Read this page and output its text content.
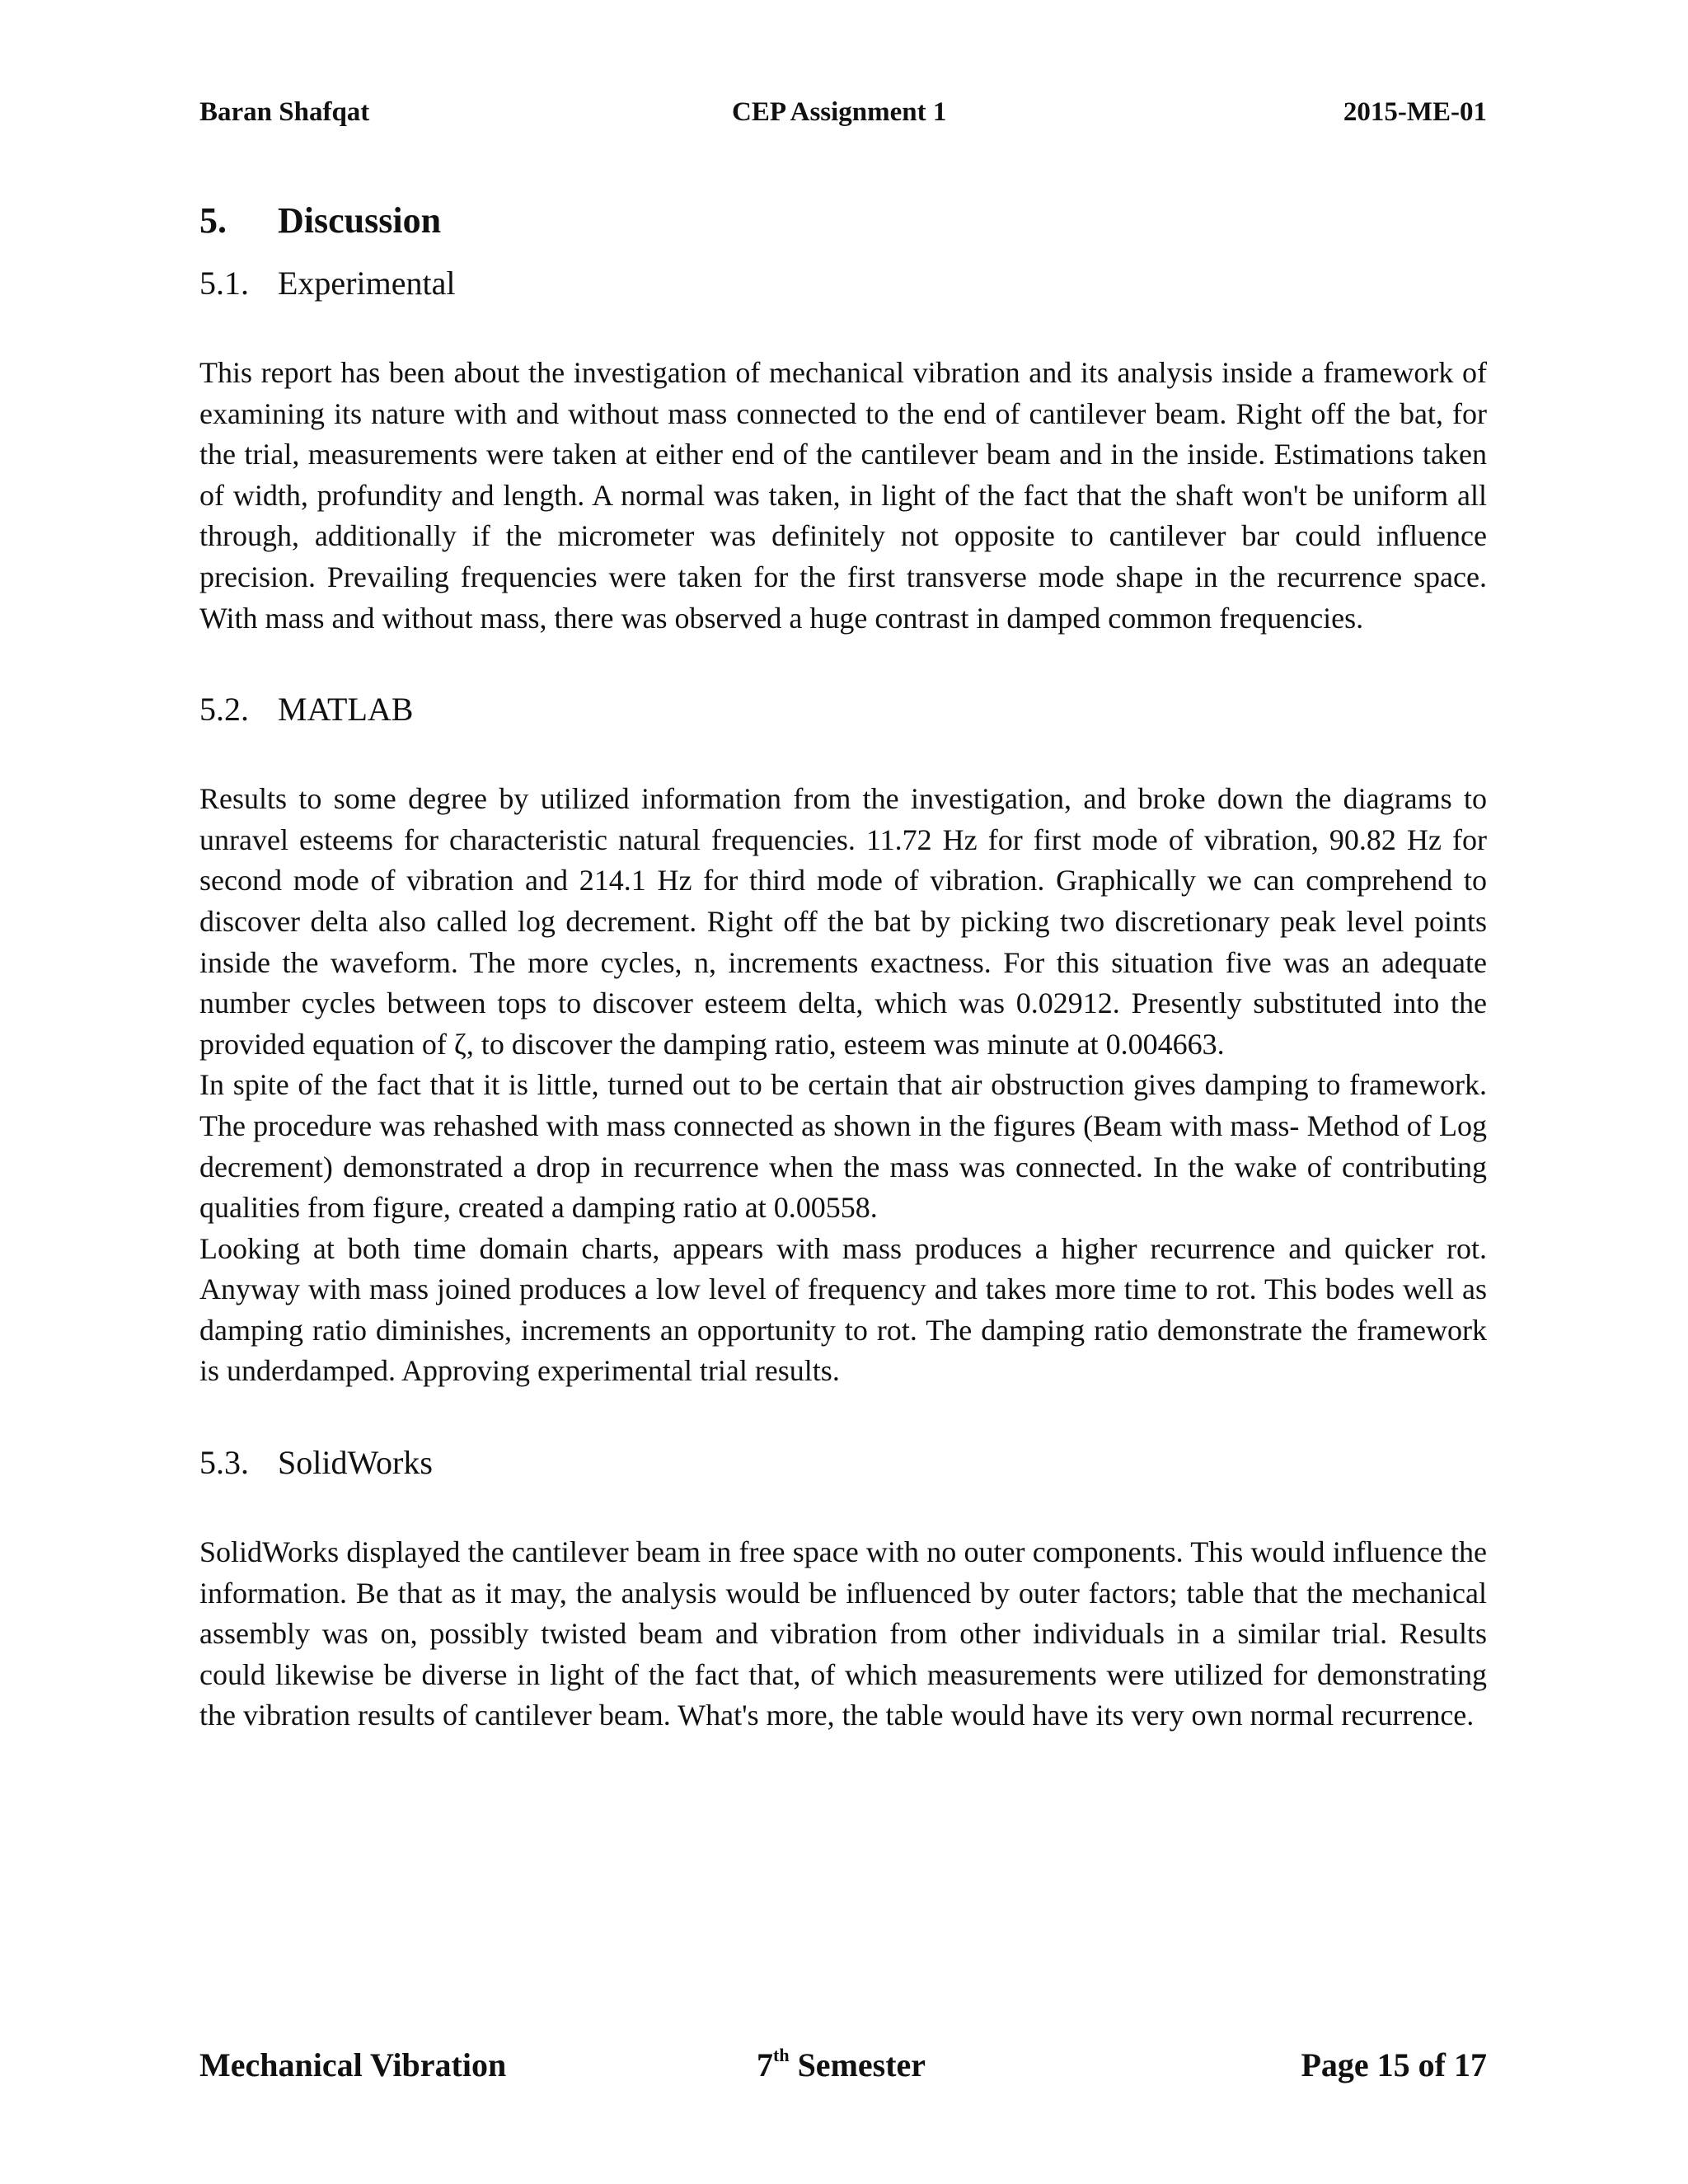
Baran Shafqat	CEP Assignment 1	2015-ME-01
5. Discussion
5.1. Experimental

This report has been about the investigation of mechanical vibration and its analysis inside a framework of examining its nature with and without mass connected to the end of cantilever beam. Right off the bat, for the trial, measurements were taken at either end of the cantilever beam and in the inside. Estimations taken of width, profundity and length. A normal was taken, in light of the fact that the shaft won't be uniform all through, additionally if the micrometer was definitely not opposite to cantilever bar could influence precision. Prevailing frequencies were taken for the first transverse mode shape in the recurrence space. With mass and without mass, there was observed a huge contrast in damped common frequencies.

5.2. MATLAB

Results to some degree by utilized information from the investigation, and broke down the diagrams to unravel esteems for characteristic natural frequencies. 11.72 Hz for first mode of vibration, 90.82 Hz for second mode of vibration and 214.1 Hz for third mode of vibration. Graphically we can comprehend to discover delta also called log decrement. Right off the bat by picking two discretionary peak level points inside the waveform. The more cycles, n, increments exactness. For this situation five was an adequate number cycles between tops to discover esteem delta, which was 0.02912. Presently substituted into the provided equation of ζ, to discover the damping ratio, esteem was minute at 0.004663.

In spite of the fact that it is little, turned out to be certain that air obstruction gives damping to framework. The procedure was rehashed with mass connected as shown in the figures (Beam with mass- Method of Log decrement) demonstrated a drop in recurrence when the mass was connected. In the wake of contributing qualities from figure, created a damping ratio at 0.00558.

Looking at both time domain charts, appears with mass produces a higher recurrence and quicker rot. Anyway with mass joined produces a low level of frequency and takes more time to rot. This bodes well as damping ratio diminishes, increments an opportunity to rot. The damping ratio demonstrate the framework is underdamped. Approving experimental trial results.

5.3. SolidWorks

SolidWorks displayed the cantilever beam in free space with no outer components. This would influence the information. Be that as it may, the analysis would be influenced by outer factors; table that the mechanical assembly was on, possibly twisted beam and vibration from other individuals in a similar trial. Results could likewise be diverse in light of the fact that, of which measurements were utilized for demonstrating the vibration results of cantilever beam. What's more, the table would have its very own normal recurrence.

Mechanical Vibration	7th Semester	Page 15 of 17
